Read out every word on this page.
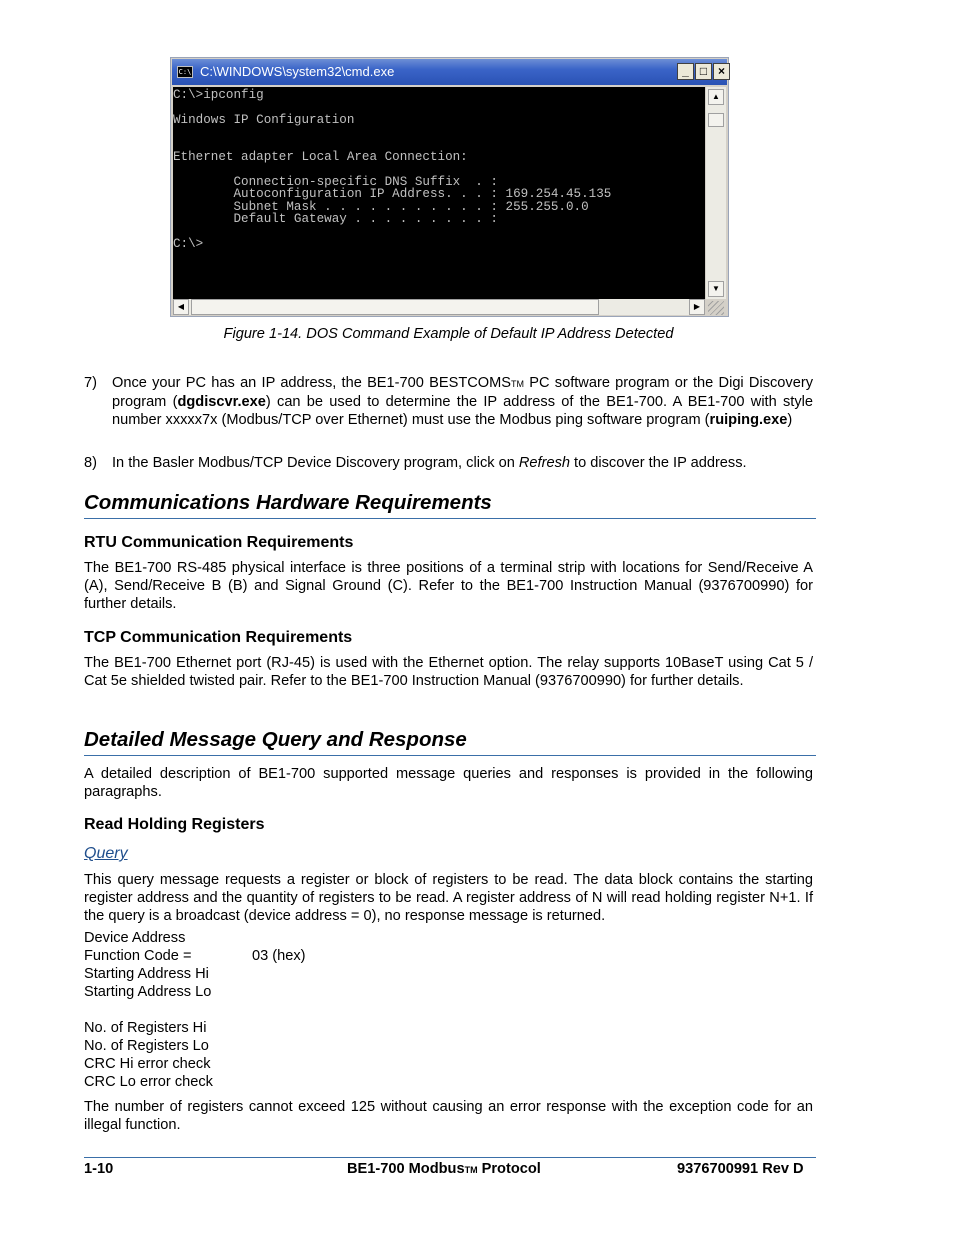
C:\ C:\WINDOWS\system32\cmd.exe	_ □ ×
C:\>ipconfig

Windows IP Configuration

Ethernet adapter Local Area Connection:

Connection-specific DNS Suffix  . :
Autoconfiguration IP Address. . . : 169.254.45.135
Subnet Mask . . . . . . . . . . . : 255.255.0.0
Default Gateway . . . . . . . . . :

C:\>
▲
▼
◀	▶
Figure 1-14. DOS Command Example of Default IP Address Detected
7) Once your PC has an IP address, the BE1-700 BESTCOMSTM PC software program or the Digi Discovery program (dgdiscvr.exe) can be used to determine the IP address of the BE1-700. A BE1-700 with style number xxxxx7x (Modbus/TCP over Ethernet) must use the Modbus ping software program (ruiping.exe)
8) In the Basler Modbus/TCP Device Discovery program, click on Refresh to discover the IP address.
Communications Hardware Requirements
RTU Communication Requirements
The BE1-700 RS-485 physical interface is three positions of a terminal strip with locations for Send/Receive A (A), Send/Receive B (B) and Signal Ground (C). Refer to the BE1-700 Instruction Manual (9376700990) for further details.
TCP Communication Requirements
The BE1-700 Ethernet port (RJ-45) is used with the Ethernet option. The relay supports 10BaseT using Cat 5 / Cat 5e shielded twisted pair. Refer to the BE1-700 Instruction Manual (9376700990) for further details.
Detailed Message Query and Response
A detailed description of BE1-700 supported message queries and responses is provided in the following paragraphs.
Read Holding Registers
Query
This query message requests a register or block of registers to be read. The data block contains the starting register address and the quantity of registers to be read. A register address of N will read holding register N+1. If the query is a broadcast (device address = 0), no response message is returned.
Device Address
Function Code =	03 (hex)
Starting Address Hi
Starting Address Lo
No. of Registers Hi
No. of Registers Lo
CRC Hi error check
CRC Lo error check
The number of registers cannot exceed 125 without causing an error response with the exception code for an illegal function.
1-10	BE1-700 ModbusTM Protocol	9376700991 Rev D
